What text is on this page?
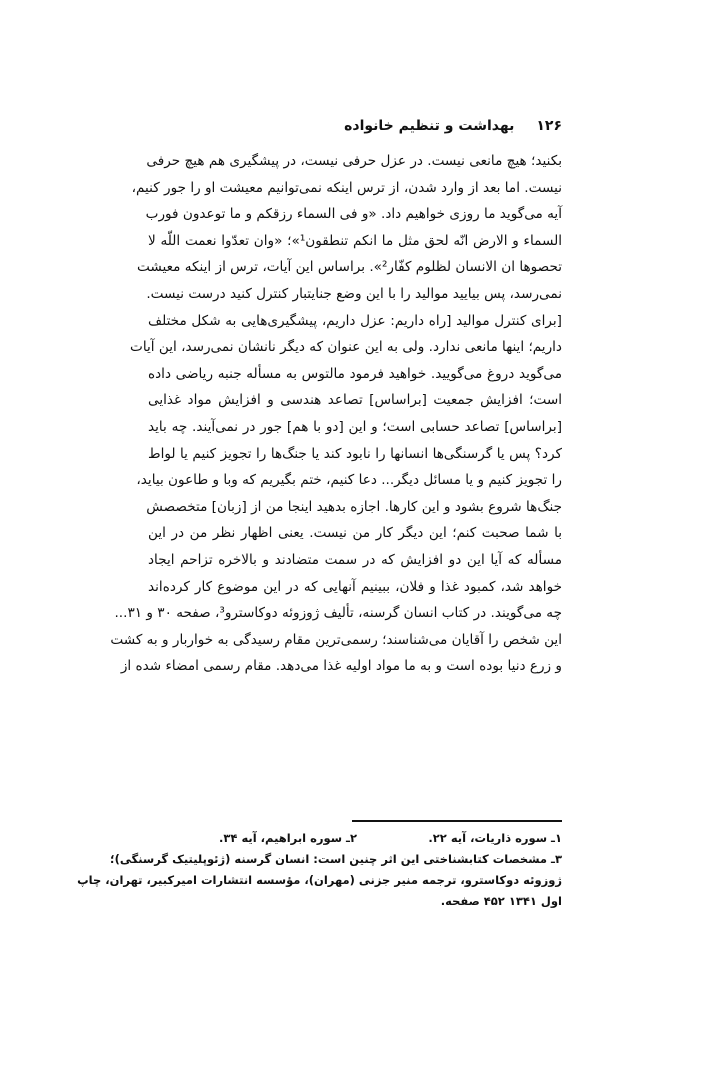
۱۲۶
بهداشت و تنظیم خانواده
بکنید؛ هیچ مانعی نیست. در عزل حرفی نیست، در پیشگیری هم هیچ حرفی
نیست. اما بعد از وارد شدن، از ترس اینکه نمی‌توانیم معیشت او را جور کنیم،
آیه می‌گوید ما روزی خواهیم داد. «و فی السماء رزقکم و ما توعدون فورب
السماء و الارض انّه لحق مثل ما انکم تنطقون¹»؛ «وان تعدّوا نعمت اللّه لا
تحصوها ان الانسان لظلوم کفّار²». براساس این آیات، ترس از اینکه معیشت
نمی‌رسد، پس بیایید موالید را با این وضع جنایتبار کنترل کنید درست نیست.
[برای کنترل موالید [راه داریم: عزل داریم، پیشگیری‌هایی به شکل مختلف
داریم؛ اینها مانعی ندارد. ولی به این عنوان که دیگر نانشان نمی‌رسد، این آیات
می‌گوید دروغ می‌گویید. خواهید فرمود مالتوس به مسأله جنبه ریاضی داده
است؛ افزایش جمعیت [براساس] تصاعد هندسی و افزایش مواد غذایی
[براساس] تصاعد حسابی است؛ و این [دو با هم] جور در نمی‌آیند. چه باید
کرد؟ پس یا گرسنگی‌ها انسانها را نابود کند یا جنگ‌ها را تجویز کنیم یا لواط
را تجویز کنیم و یا مسائل دیگر... دعا کنیم، ختم بگیریم که وبا و طاعون بیاید،
جنگ‌ها شروع بشود و این کارها. اجازه بدهید اینجا من از [زبان] متخصصش
با شما صحبت کنم؛ این دیگر کار من نیست. یعنی اظهار نظر من در این
مسأله که آیا این دو افزایش که در سمت متضادند و بالاخره تزاحم ایجاد
خواهد شد، کمبود غذا و فلان، ببینیم آنهایی که در این موضوع کار کرده‌اند
چه می‌گویند. در کتاب انسان گرسنه، تألیف ژوزوئه دوکاسترو³، صفحه ۳۰ و ۳۱...
این شخص را آقایان می‌شناسند؛ رسمی‌ترین مقام رسیدگی به خواربار و به کشت
و زرع دنیا بوده است و به ما مواد اولیه غذا می‌دهد. مقام رسمی امضاء شده از
۱ـ سوره ذاریات، آیه ۲۲.۲ـ سوره ابراهیم، آیه ۳۴.
۳ـ مشخصات کتابشناختی این اثر چنین است: انسان گرسنه (ژئوپلیتیک گرسنگی)؛
ژوزوئه دوکاسترو، ترجمه منیر جزنی (مهران)، مؤسسه انتشارات امیرکبیر، تهران، چاپ
اول ۱۳۴۱ ۴۵۲ صفحه.
